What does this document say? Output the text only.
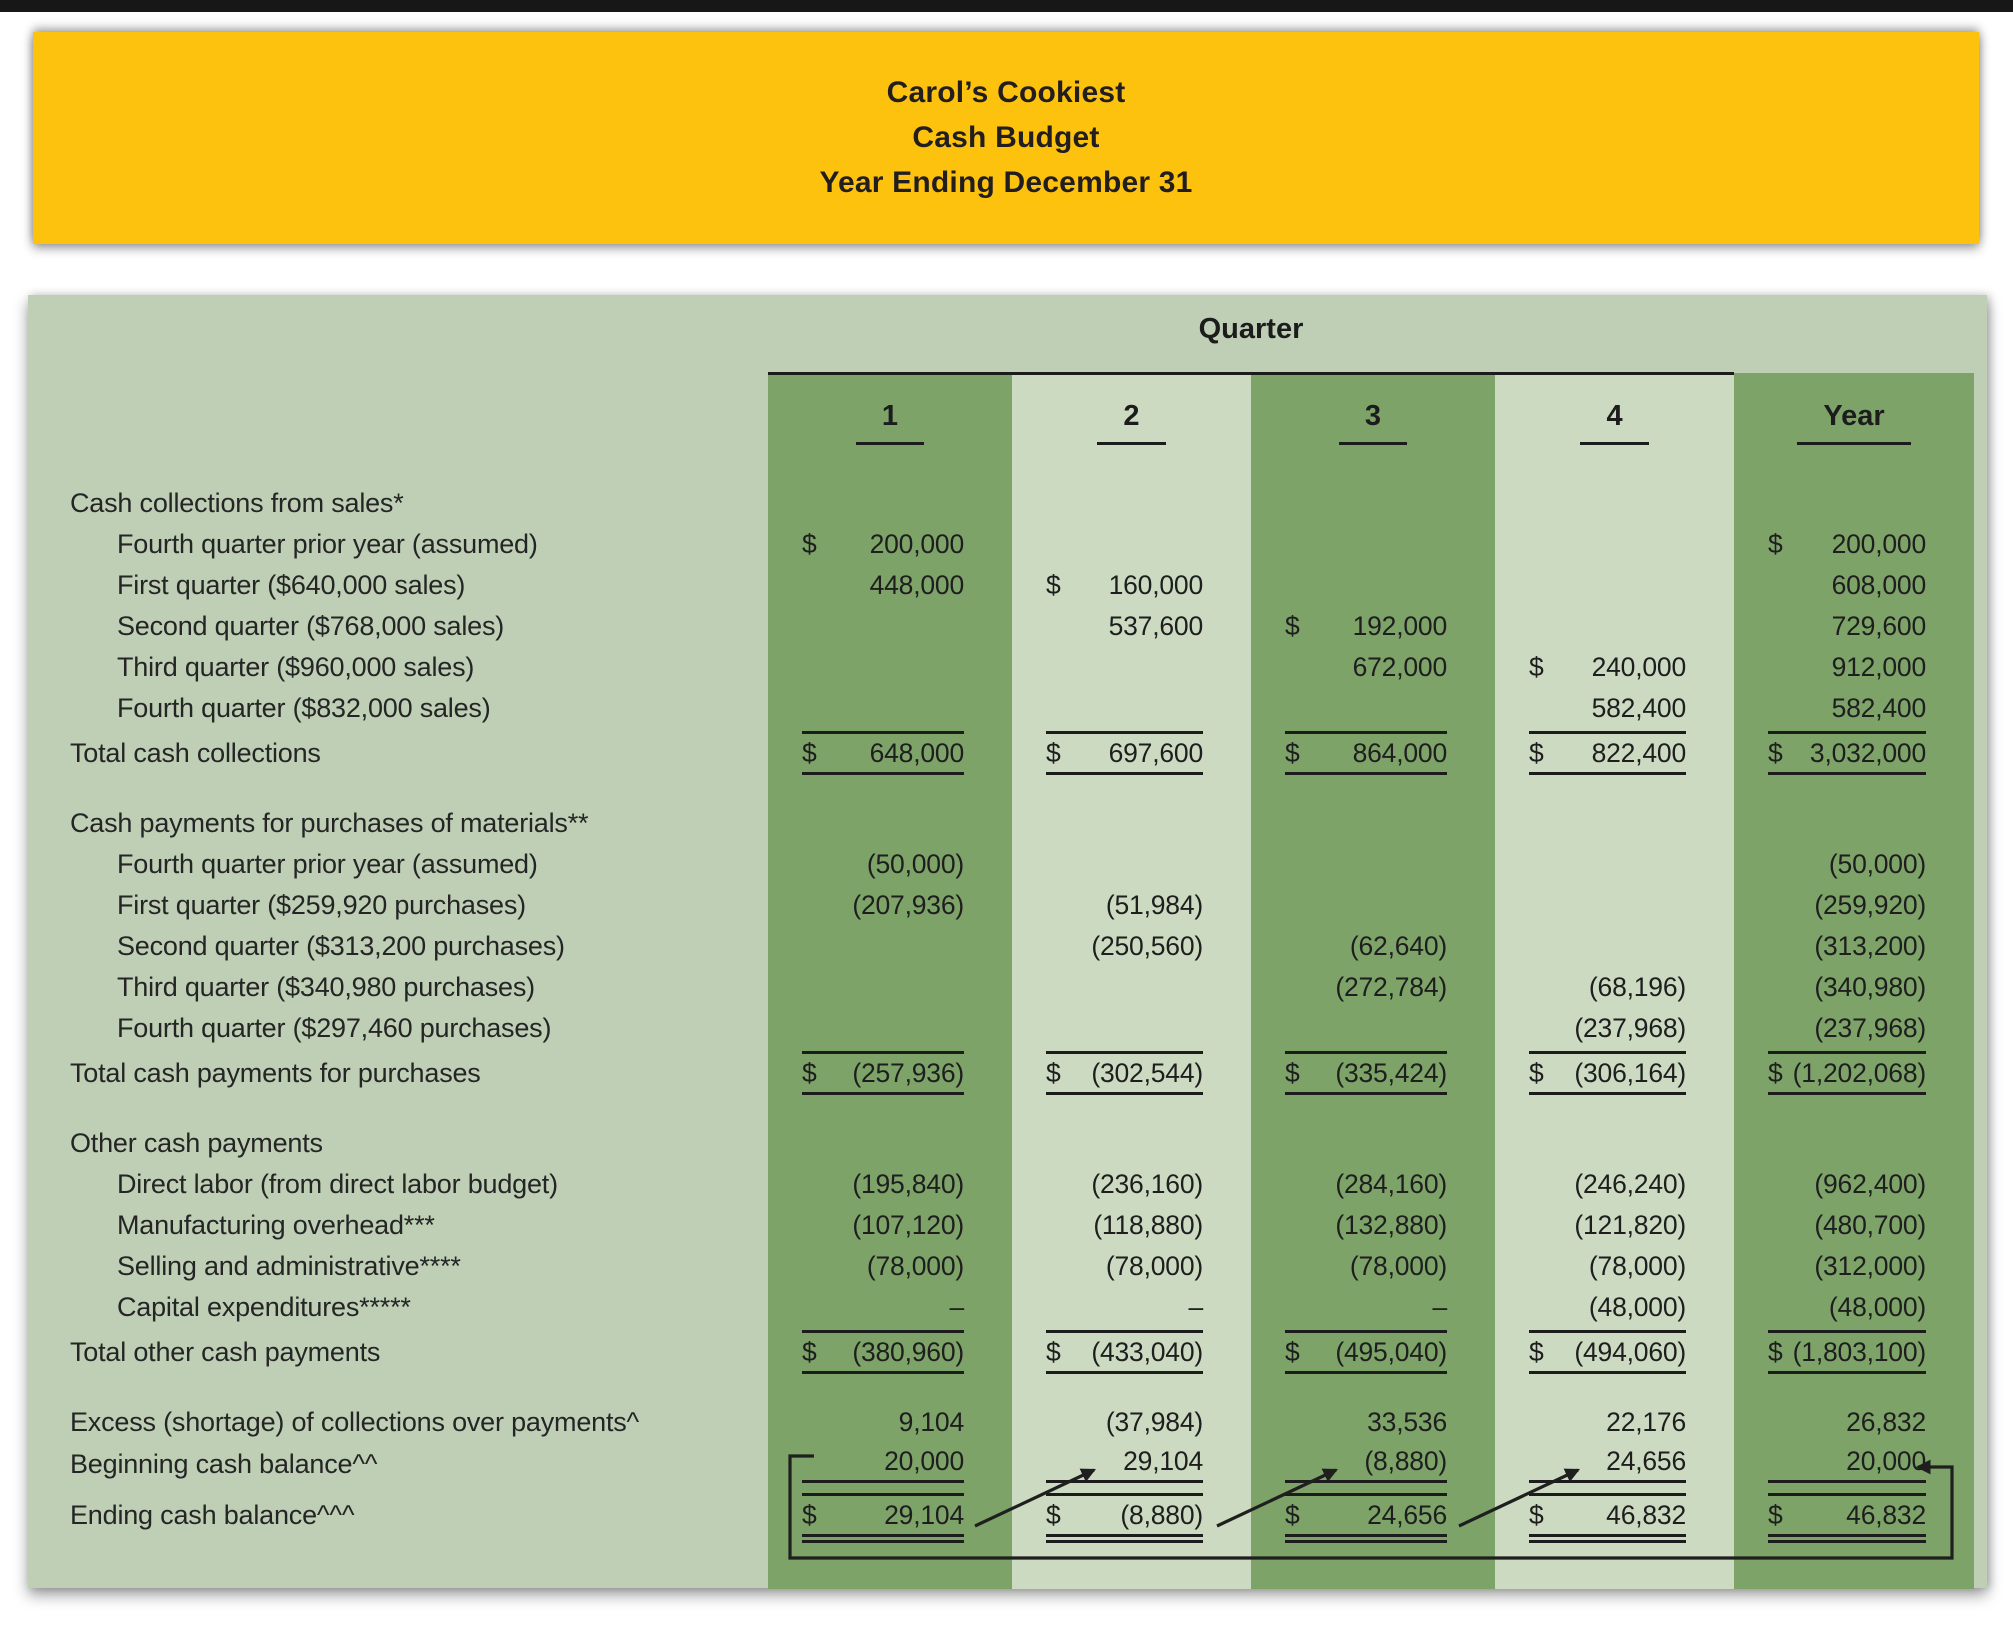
Carol’s Cookiest
Cash Budget
Year Ending December 31
	Quarter					
	1	2	3	4	Year	
Cash collections from sales*	

Fourth quarter prior year (assumed)	$ 200,000				$ 200,000	

First quarter ($640,000 sales)	448,000	$ 160,000			608,000	

Second quarter ($768,000 sales)		537,600	$ 192,000		729,600	

Third quarter ($960,000 sales)			672,000	$ 240,000	912,000	

Fourth quarter ($832,000 sales)				582,400	582,400	

Total cash collections	$ 648,000	$ 697,600	$ 864,000	$ 822,400	$ 3,032,000	

Cash payments for purchases of materials**	

Fourth quarter prior year (assumed)	(50,000)				(50,000)	

First quarter ($259,920 purchases)	(207,936)	(51,984)			(259,920)	

Second quarter ($313,200 purchases)		(250,560)	(62,640)		(313,200)	

Third quarter ($340,980 purchases)			(272,784)	(68,196)	(340,980)	

Fourth quarter ($297,460 purchases)				(237,968)	(237,968)	

Total cash payments for purchases	$ (257,936)	$ (302,544)	$ (335,424)	$ (306,164)	$ (1,202,068)	

Other cash payments	

Direct labor (from direct labor budget)	(195,840)	(236,160)	(284,160)	(246,240)	(962,400)	

Manufacturing overhead***	(107,120)	(118,880)	(132,880)	(121,820)	(480,700)	

Selling and administrative****	(78,000)	(78,000)	(78,000)	(78,000)	(312,000)	

Capital expenditures*****	–	–	–	(48,000)	(48,000)	

Total other cash payments	$ (380,960)	$ (433,040)	$ (495,040)	$ (494,060)	$ (1,803,100)	

Excess (shortage) of collections over payments^	9,104	(37,984)	33,536	22,176	26,832	

Beginning cash balance^^	20,000	29,104	(8,880)	24,656	20,000	

Ending cash balance^^^	$ 29,104	$ (8,880)	$ 24,656	$ 46,832	$ 46,832	
